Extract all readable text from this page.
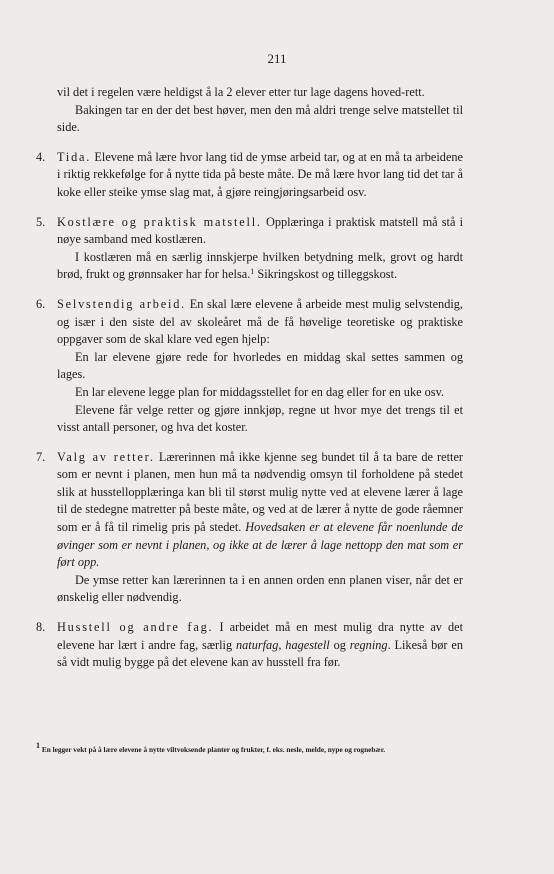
211

vil det i regelen være heldigst å la 2 elever etter tur lage dagens hoved-rett.

Bakingen tar en der det best høver, men den må aldri trenge selve matstellet til side.

4. Tida. Elevene må lære hvor lang tid de ymse arbeid tar, og at en må ta arbeidene i riktig rekkefølge for å nytte tida på beste måte. De må lære hvor lang tid det tar å koke eller steike ymse slag mat, å gjøre reingjøringsarbeid osv.

5. Kostlære og praktisk matstell. Opplæringa i praktisk matstell må stå i nøye samband med kostlæren.

I kostlæren må en særlig innskjerpe hvilken betydning melk, grovt og hardt brød, frukt og grønnsaker har for helsa.$^1$ Sikringskost og tilleggskost.

6. Selvstendig arbeid. En skal lære elevene å arbeide mest mulig selvstendig, og især i den siste del av skoleåret må de få høvelige teoretiske og praktiske oppgaver som de skal klare ved egen hjelp:

En lar elevene gjøre rede for hvorledes en middag skal settes sammen og lages.

En lar elevene legge plan for middagsstellet for en dag eller for en uke osv.

Elevene får velge retter og gjøre innkjøp, regne ut hvor mye det trengs til et visst antall personer, og hva det koster.

7. Valg av retter. Lærerinnen må ikke kjenne seg bundet til å ta bare de retter som er nevnt i planen, men hun må ta nødvendig omsyn til forholdene på stedet slik at husstellopplæringa kan bli til størst mulig nytte ved at elevene lærer å lage til de stedegne matretter på beste måte, og ved at de lærer å nytte de gode råemner som er å få til rimelig pris på stedet. Hovedsaken er at elevene får noenlunde de øvinger som er nevnt i planen, og ikke at de lærer å lage nettopp den mat som er ført opp.

De ymse retter kan lærerinnen ta i en annen orden enn planen viser, når det er ønskelig eller nødvendig.

8. Husstell og andre fag. I arbeidet må en mest mulig dra nytte av det elevene har lært i andre fag, særlig naturfag, hagestell og regning. Likeså bør en så vidt mulig bygge på det elevene kan av husstell fra før.

$^1$ En legger vekt på å lære elevene å nytte viltvoksende planter og frukter, f. eks. nesle, melde, nype og rognebær.
